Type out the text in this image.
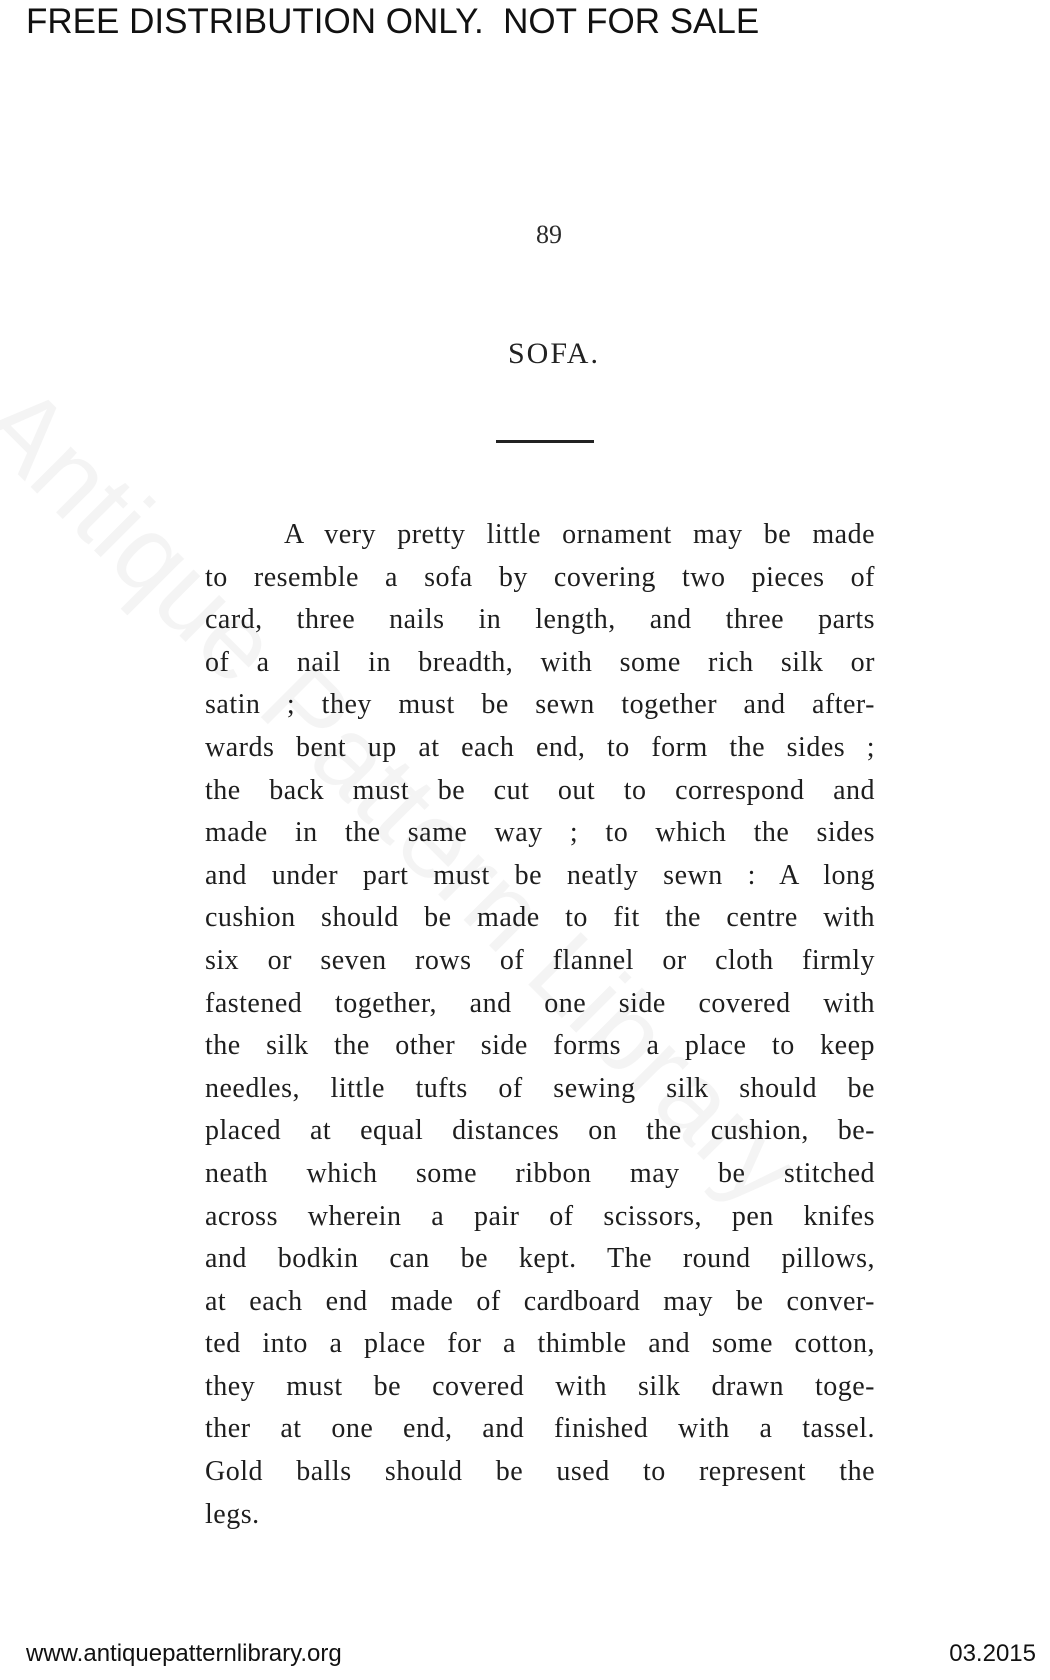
FREE DISTRIBUTION ONLY.  NOT FOR SALE
89
SOFA.
A very pretty little ornament may be made
to resemble a sofa by covering two pieces of
card, three nails in length, and three parts
of a nail in breadth, with some rich silk or
satin ; they must be sewn together and after-
wards bent up at each end, to form the sides ;
the back must be cut out to correspond and
made in the same way ; to which the sides
and under part must be neatly sewn : A long
cushion should be made to fit the centre with
six or seven rows of flannel or cloth firmly
fastened together, and one side covered with
the silk the other side forms a place to keep
needles, little tufts of sewing silk should be
placed at equal distances on the cushion, be-
neath which some ribbon may be stitched
across wherein a pair of scissors, pen knifes
and bodkin can be kept. The round pillows,
at each end made of cardboard may be conver-
ted into a place for a thimble and some cotton,
they must be covered with silk drawn toge-
ther at one end, and finished with a tassel.
Gold balls should be used to represent the
legs.
www.antiquepatternlibrary.org	03.2015
